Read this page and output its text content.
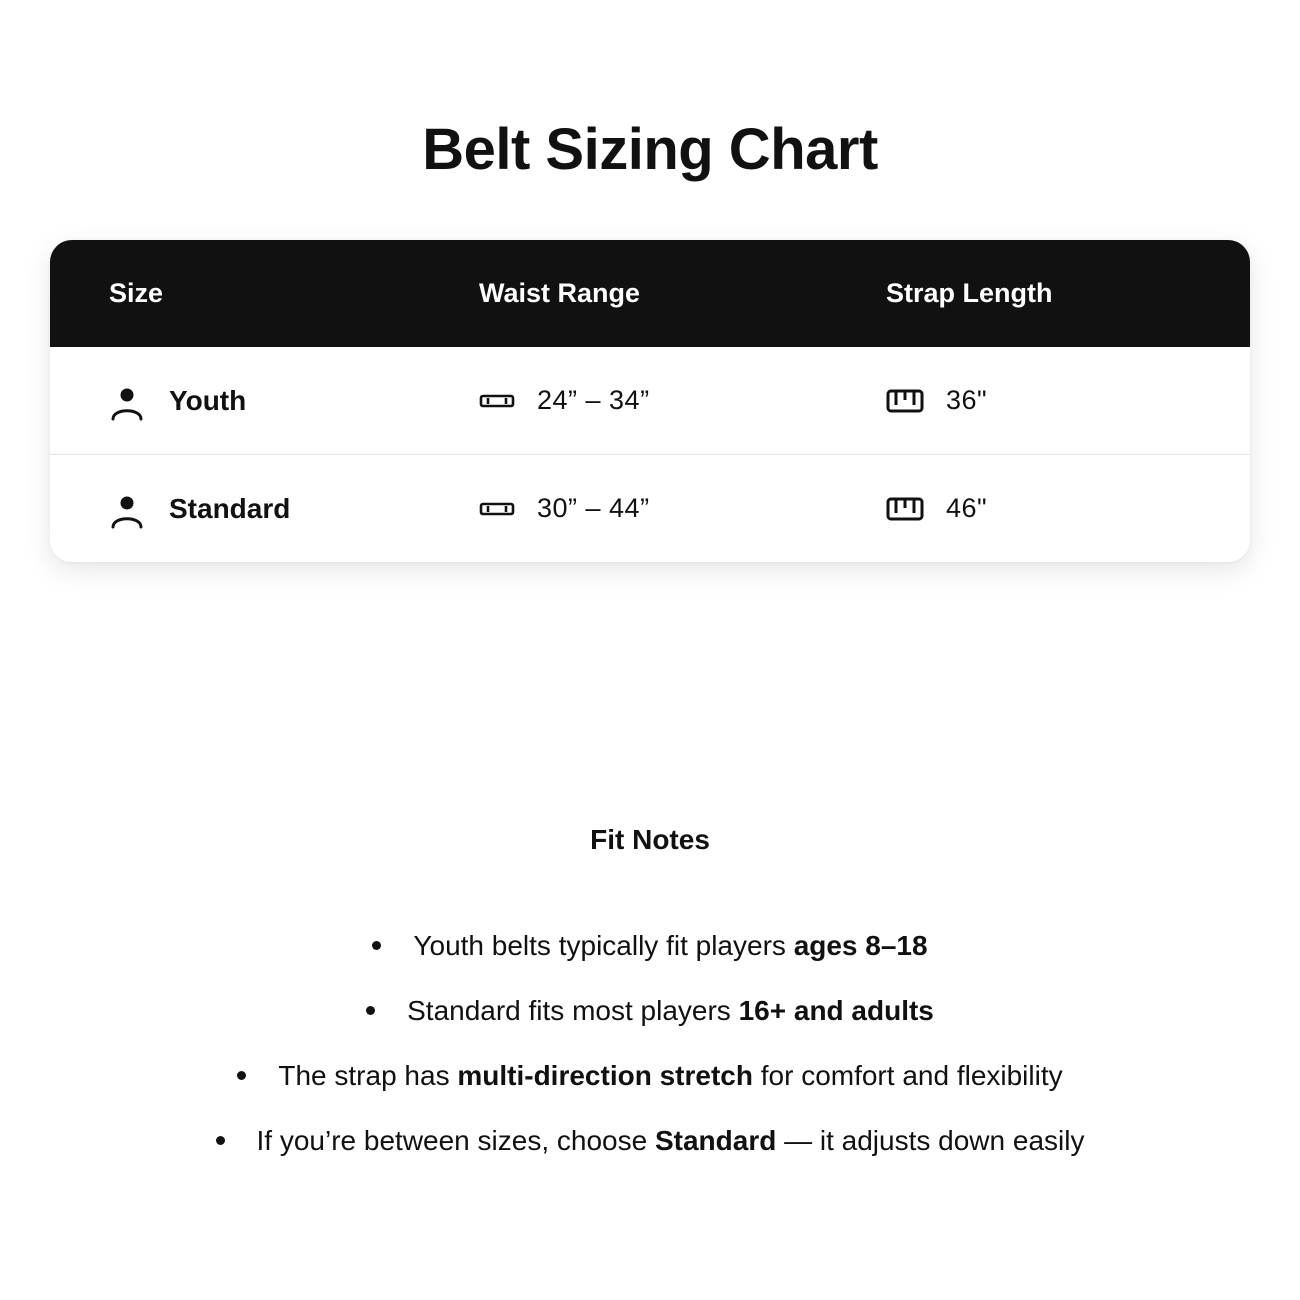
Belt Sizing Chart
Size	Waist Range	Strap Length
Youth	24” – 34”	36"
Standard	30” – 44”	46"
Fit Notes
Youth belts typically fit players ages 8–18
Standard fits most players 16+ and adults
The strap has multi-direction stretch for comfort and flexibility
If you’re between sizes, choose Standard — it adjusts down easily
